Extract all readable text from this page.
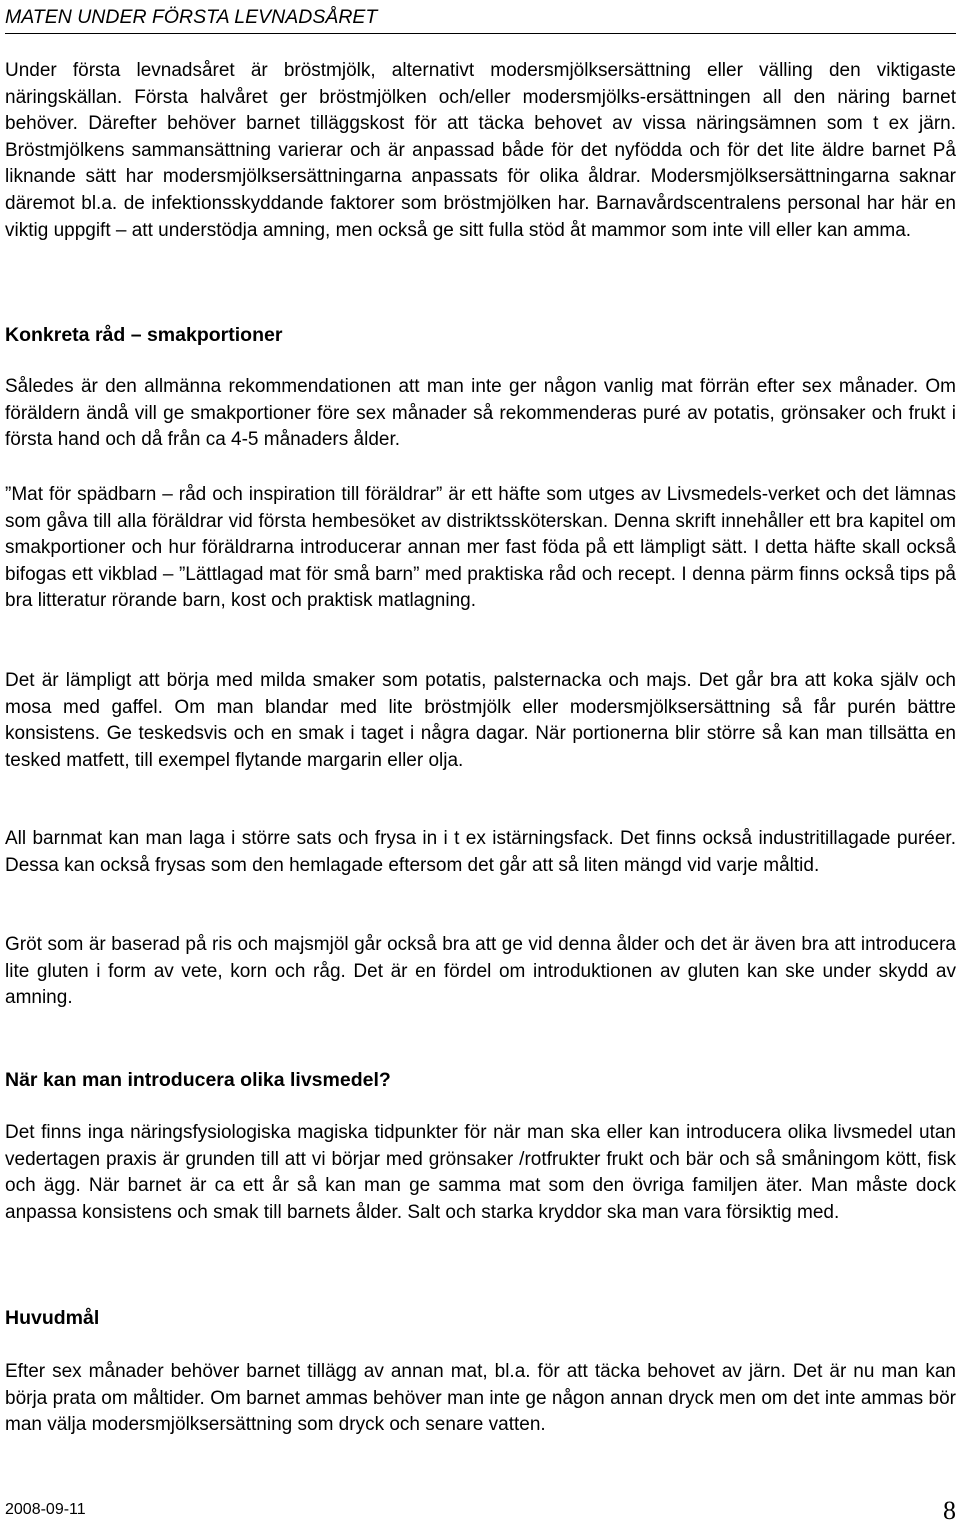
MATEN UNDER FÖRSTA LEVNADSÅRET

Under första levnadsåret är bröstmjölk, alternativt modersmjölksersättning eller välling den viktigaste näringskällan. Första halvåret ger bröstmjölken och/eller modersmjölks-ersättningen all den näring barnet behöver. Därefter behöver barnet tilläggskost för att täcka behovet av vissa näringsämnen som t ex järn. Bröstmjölkens sammansättning varierar och är anpassad både för det nyfödda och för det lite äldre barnet På liknande sätt har modersmjölksersättningarna anpassats för olika åldrar. Modersmjölksersättningarna saknar däremot bl.a. de infektionsskyddande faktorer som bröstmjölken har. Barnavårdscentralens personal har här en viktig uppgift – att understödja amning, men också ge sitt fulla stöd åt mammor som inte vill eller kan amma.

Konkreta råd – smakportioner

Således är den allmänna rekommendationen att man inte ger någon vanlig mat förrän efter sex månader. Om föräldern ändå vill ge smakportioner före sex månader så rekommenderas puré av potatis, grönsaker och frukt i första hand och då från ca 4-5 månaders ålder.

”Mat för spädbarn – råd och inspiration till föräldrar” är ett häfte som utges av Livsmedels-verket och det lämnas som gåva till alla föräldrar vid första hembesöket av distriktssköterskan. Denna skrift innehåller ett bra kapitel om smakportioner och hur föräldrarna introducerar annan mer fast föda på ett lämpligt sätt. I detta häfte skall också bifogas ett vikblad – ”Lättlagad mat för små barn” med praktiska råd och recept. I denna pärm finns också tips på bra litteratur rörande barn, kost och praktisk matlagning.

Det är lämpligt att börja med milda smaker som potatis, palsternacka och majs. Det går bra att koka själv och mosa med gaffel. Om man blandar med lite bröstmjölk eller modersmjölksersättning så får purén bättre konsistens. Ge teskedsvis och en smak i taget i några dagar. När portionerna blir större så kan man tillsätta en tesked matfett, till exempel flytande margarin eller olja.

All barnmat kan man laga i större sats och frysa in i t ex istärningsfack. Det finns också industritillagade puréer. Dessa kan också frysas som den hemlagade eftersom det går att så liten mängd vid varje måltid.

Gröt som är baserad på ris och majsmjöl går också bra att ge vid denna ålder och det är även bra att introducera lite gluten i form av vete, korn och råg. Det är en fördel om introduktionen av gluten kan ske under skydd av amning.

När kan man introducera olika livsmedel?

Det finns inga näringsfysiologiska magiska tidpunkter för när man ska eller kan introducera olika livsmedel utan vedertagen praxis är grunden till att vi börjar med grönsaker /rotfrukter frukt och bär och så småningom kött, fisk och ägg. När barnet är ca ett år så kan man ge samma mat som den övriga familjen äter. Man måste dock anpassa konsistens och smak till barnets ålder. Salt och starka kryddor ska man vara försiktig med.

Huvudmål

Efter sex månader behöver barnet tillägg av annan mat, bl.a. för att täcka behovet av järn. Det är nu man kan börja prata om måltider. Om barnet ammas behöver man inte ge någon annan dryck men om det inte ammas bör man välja modersmjölksersättning som dryck och senare vatten.

2008-09-11	8
